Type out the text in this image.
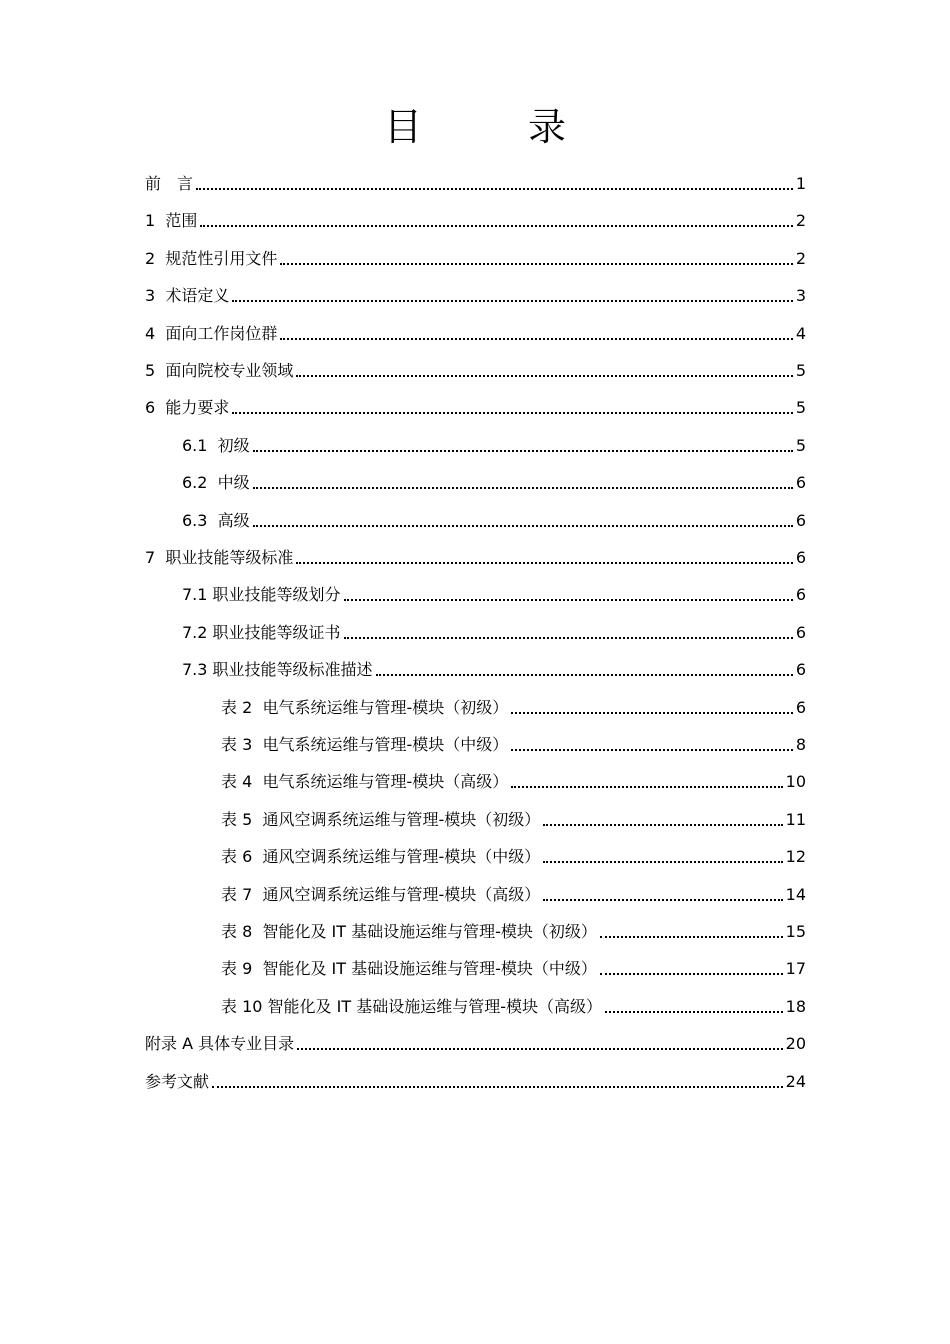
目　录
前　言	1
1  范围	2
2  规范性引用文件	2
3  术语定义	3
4  面向工作岗位群	4
5  面向院校专业领域	5
6  能力要求	5
6.1  初级	5
6.2  中级	6
6.3  高级	6
7  职业技能等级标准	6
7.1 职业技能等级划分	6
7.2 职业技能等级证书	6
7.3 职业技能等级标准描述	6
表 2  电气系统运维与管理-模块（初级）	6
表 3  电气系统运维与管理-模块（中级）	8
表 4  电气系统运维与管理-模块（高级）	10
表 5  通风空调系统运维与管理-模块（初级）	11
表 6  通风空调系统运维与管理-模块（中级）	12
表 7  通风空调系统运维与管理-模块（高级）	14
表 8  智能化及 IT 基础设施运维与管理-模块（初级）	15
表 9  智能化及 IT 基础设施运维与管理-模块（中级）	17
表 10 智能化及 IT 基础设施运维与管理-模块（高级）	18
附录 A 具体专业目录	20
参考文献	24
